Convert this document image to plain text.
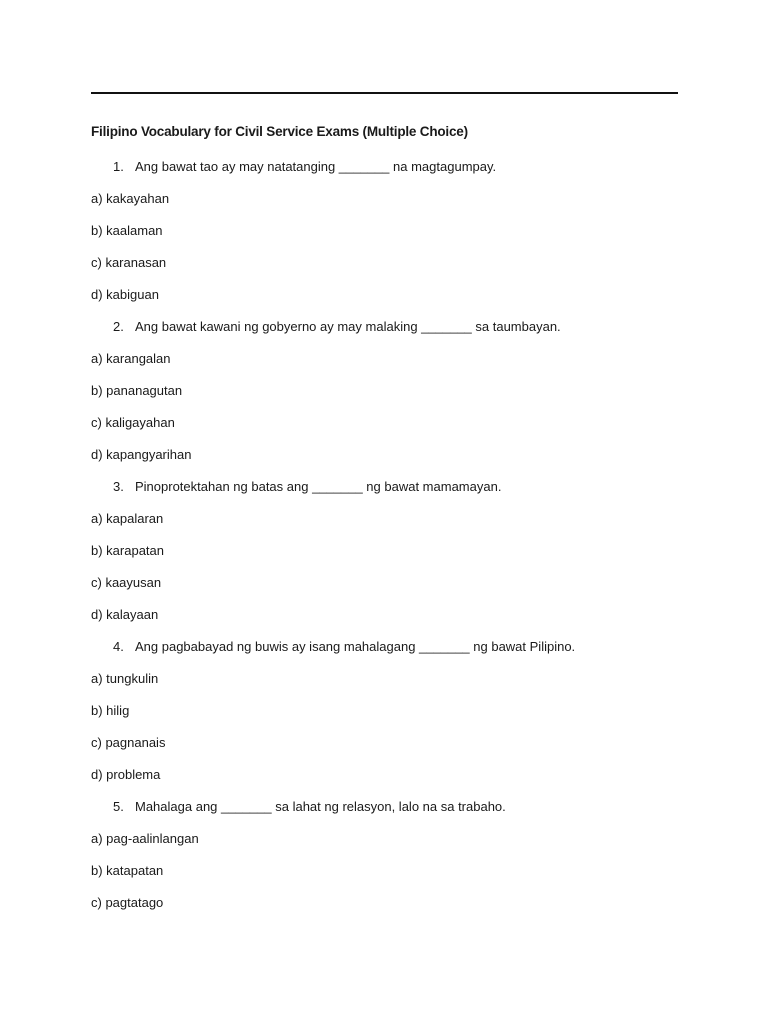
Filipino Vocabulary for Civil Service Exams (Multiple Choice)
1. Ang bawat tao ay may natatanging _______ na magtagumpay.
a) kakayahan
b) kaalaman
c) karanasan
d) kabiguan
2. Ang bawat kawani ng gobyerno ay may malaking _______ sa taumbayan.
a) karangalan
b) pananagutan
c) kaligayahan
d) kapangyarihan
3. Pinoprotektahan ng batas ang _______ ng bawat mamamayan.
a) kapalaran
b) karapatan
c) kaayusan
d) kalayaan
4. Ang pagbabayad ng buwis ay isang mahalagang _______ ng bawat Pilipino.
a) tungkulin
b) hilig
c) pagnanais
d) problema
5. Mahalaga ang _______ sa lahat ng relasyon, lalo na sa trabaho.
a) pag-aalinlangan
b) katapatan
c) pagtatago
